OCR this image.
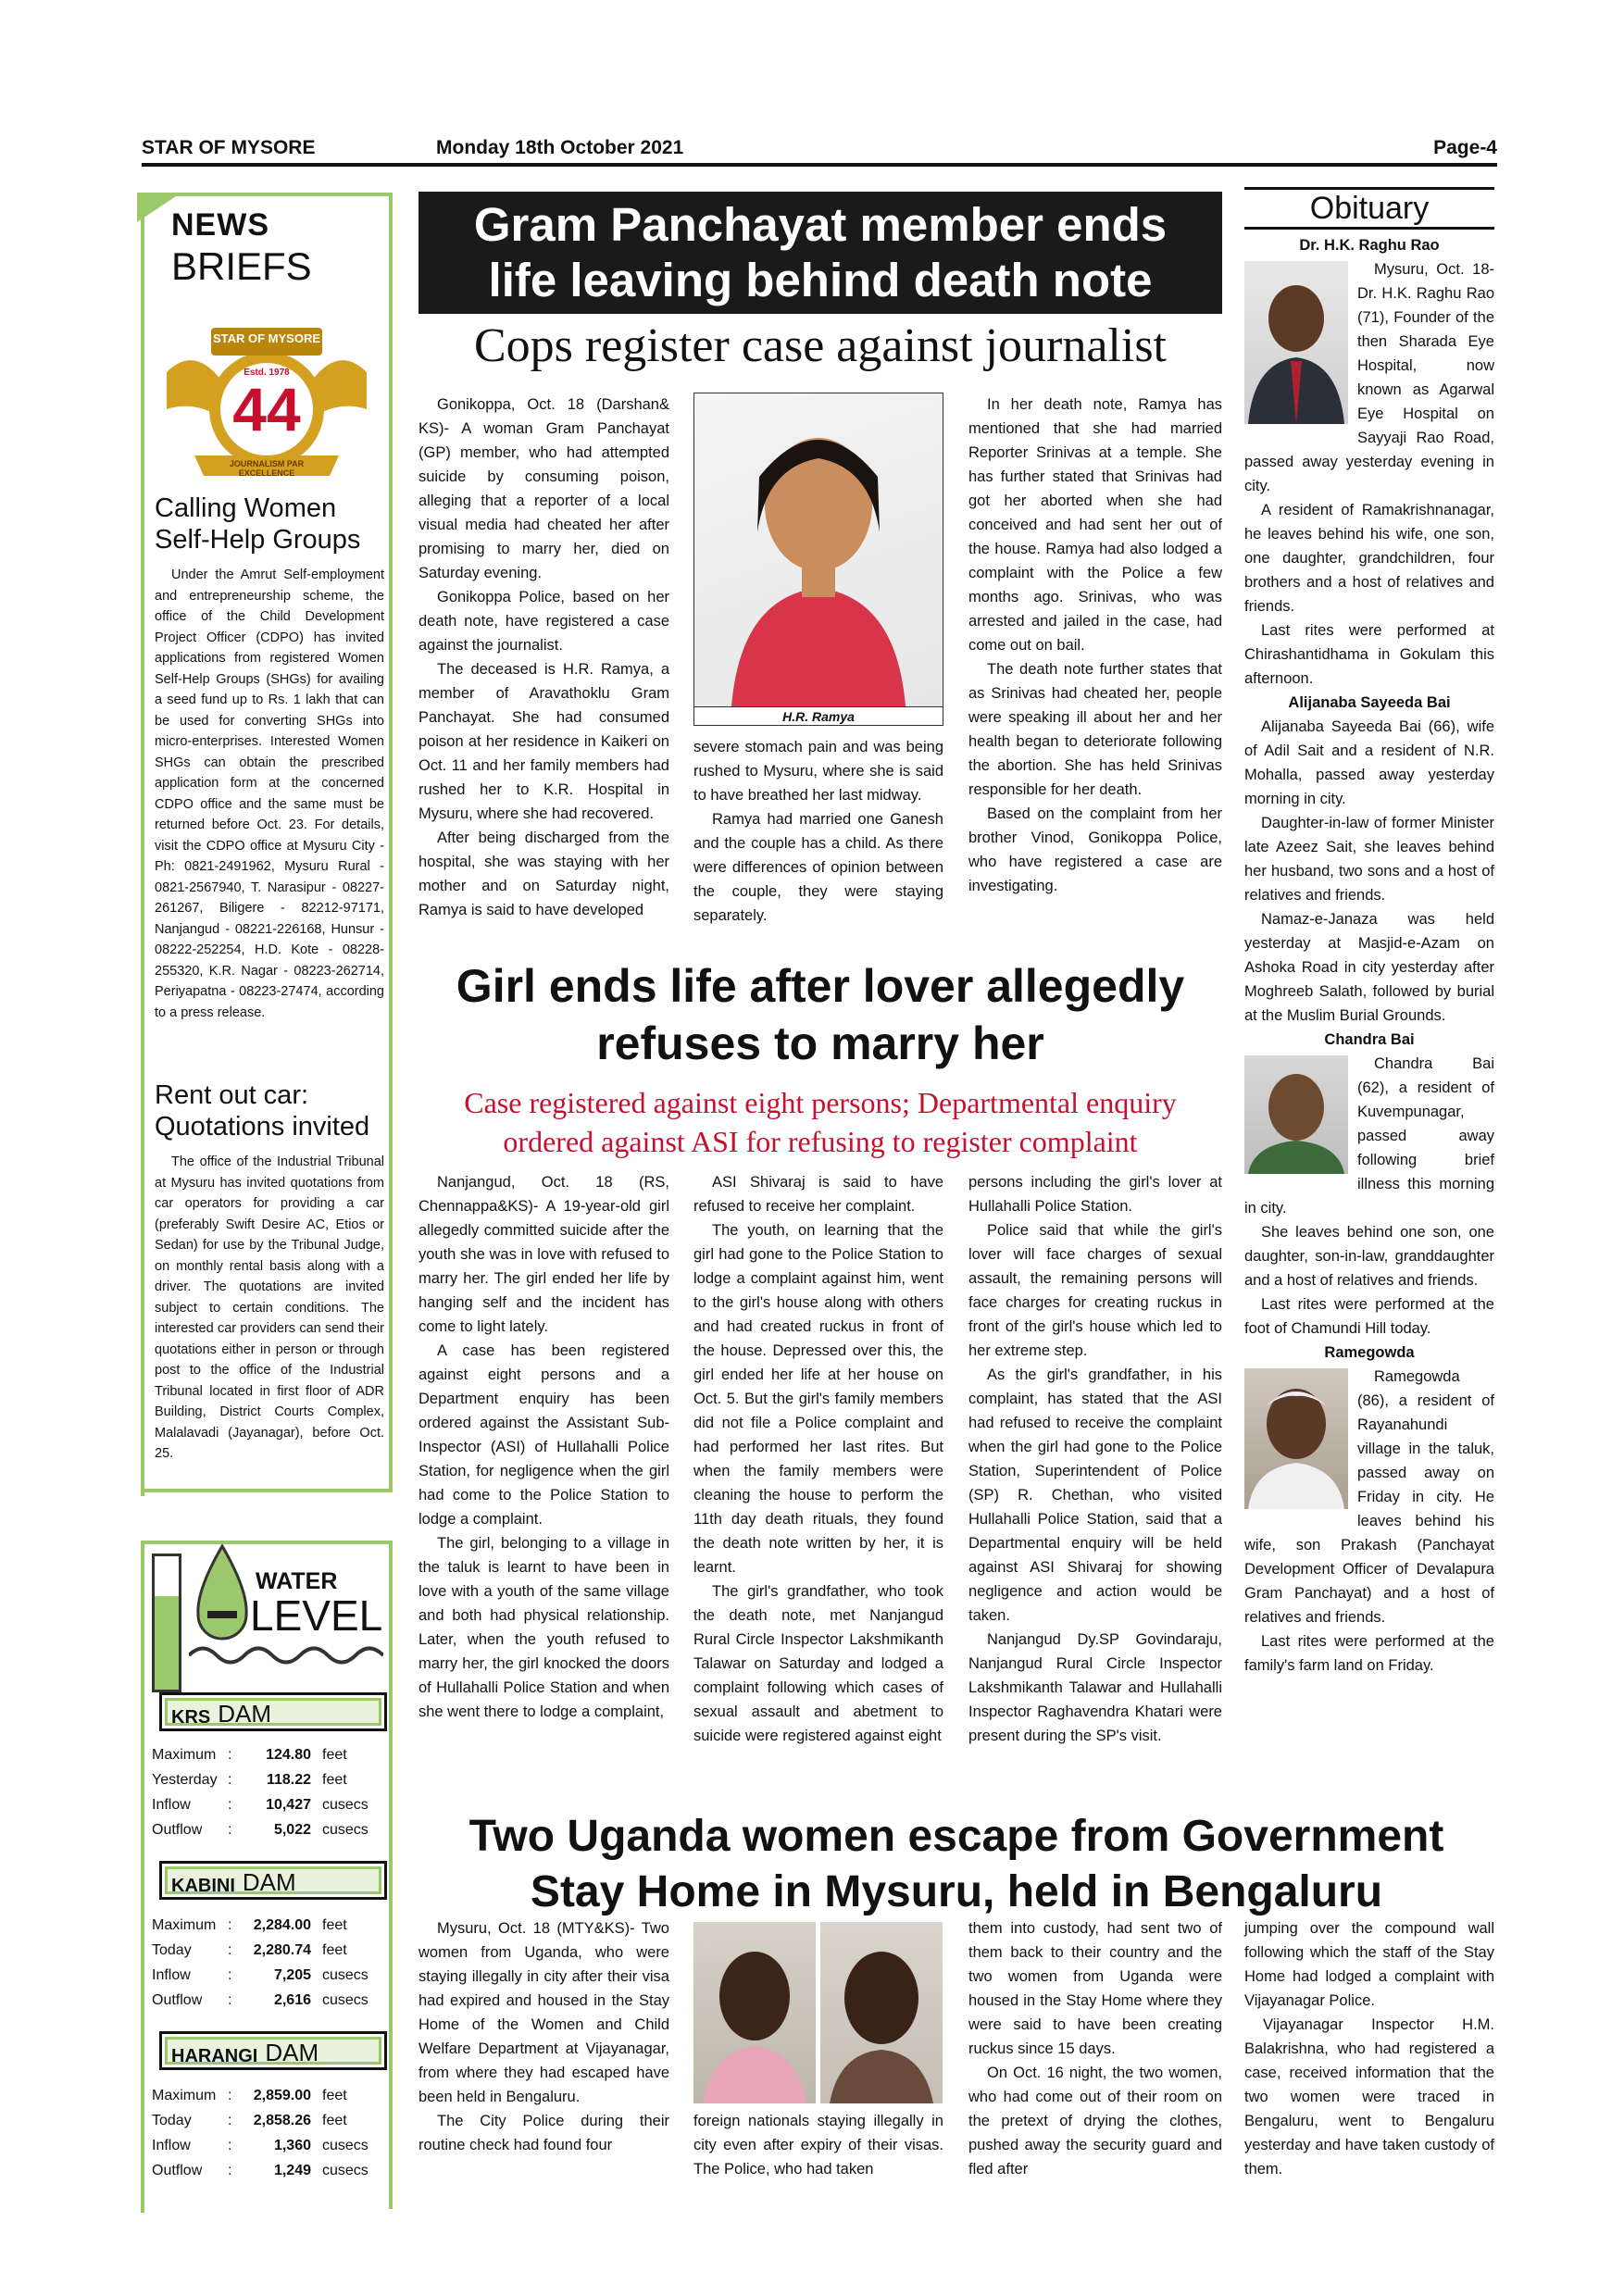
STAR OF MYSORE	Monday 18th October 2021	Page-4
NEWS
BRIEFS
STAR OF MYSORE
Estd. 1978
44
JOURNALISM PAR EXCELLENCE
Calling Women Self-Help Groups
Under the Amrut Self-employment and entrepreneurship scheme, the office of the Child Development Project Officer (CDPO) has invited applications from registered Women Self-Help Groups (SHGs) for availing a seed fund up to Rs. 1 lakh that can be used for converting SHGs into micro-enterprises. Interested Women SHGs can obtain the prescribed application form at the concerned CDPO office and the same must be returned before Oct. 23. For details, visit the CDPO office at Mysuru City - Ph: 0821-2491962, Mysuru Rural - 0821-2567940, T. Narasipur - 08227-261267, Biligere - 82212-97171, Nanjangud - 08221-226168, Hunsur - 08222-252254, H.D. Kote - 08228-255320, K.R. Nagar - 08223-262714, Periyapatna - 08223-27474, according to a press release.
Rent out car: Quotations invited
The office of the Industrial Tribunal at Mysuru has invited quotations from car operators for providing a car (preferably Swift Desire AC, Etios or Sedan) for use by the Tribunal Judge, on monthly rental basis along with a driver. The quotations are invited subject to certain conditions. The interested car providers can send their quotations either in person or through post to the office of the Industrial Tribunal located in first floor of ADR Building, District Courts Complex, Malalavadi (Jayanagar), before Oct. 25.
WATER
LEVEL
KRS DAM
Maximum :	124.80 feet
Yesterday :	118.22 feet
Inflow	:	10,427 cusecs
Outflow	:	5,022 cusecs
KABINI DAM
Maximum :	2,284.00 feet
Today	:	2,280.74 feet
Inflow	:	7,205 cusecs
Outflow	:	2,616 cusecs
HARANGI DAM
Maximum :	2,859.00 feet
Today	:	2,858.26 feet
Inflow	:	1,360 cusecs
Outflow	:	1,249 cusecs
Gram Panchayat member ends
life leaving behind death note
Cops register case against journalist

Gonikoppa, Oct. 18 (Darshan& KS)- A woman Gram Panchayat (GP) member, who had attempted suicide by consuming poison, alleging that a reporter of a local visual media had cheated her after promising to marry her, died on Saturday evening.

Gonikoppa Police, based on her death note, have registered a case against the journalist.

The deceased is H.R. Ramya, a member of Aravathoklu Gram Panchayat. She had consumed poison at her residence in Kaikeri on Oct. 11 and her family members had rushed her to K.R. Hospital in Mysuru, where she had recovered.

After being discharged from the hospital, she was staying with her mother and on Saturday night, Ramya is said to have developed

H.R. Ramya

severe stomach pain and was being rushed to Mysuru, where she is said to have breathed her last midway.

Ramya had married one Ganesh and the couple has a child. As there were differences of opinion between the couple, they were staying separately.

In her death note, Ramya has mentioned that she had married Reporter Srinivas at a temple. She has further stated that Srinivas had got her aborted when she had conceived and had sent her out of the house. Ramya had also lodged a complaint with the Police a few months ago. Srinivas, who was arrested and jailed in the case, had come out on bail.

The death note further states that as Srinivas had cheated her, people were speaking ill about her and her health began to deteriorate following the abortion. She has held Srinivas responsible for her death.

Based on the complaint from her brother Vinod, Gonikoppa Police, who have registered a case are investigating.

Girl ends life after lover allegedly
refuses to marry her
Case registered against eight persons; Departmental enquiry
ordered against ASI for refusing to register complaint

Nanjangud, Oct. 18 (RS, Chennappa&KS)- A 19-year-old girl allegedly committed suicide after the youth she was in love with refused to marry her. The girl ended her life by hanging self and the incident has come to light lately.

A case has been registered against eight persons and a Department enquiry has been ordered against the Assistant Sub-Inspector (ASI) of Hullahalli Police Station, for negligence when the girl had come to the Police Station to lodge a complaint.

The girl, belonging to a village in the taluk is learnt to have been in love with a youth of the same village and both had physical relationship. Later, when the youth refused to marry her, the girl knocked the doors of Hullahalli Police Station and when she went there to lodge a complaint,

ASI Shivaraj is said to have refused to receive her complaint.

The youth, on learning that the girl had gone to the Police Station to lodge a complaint against him, went to the girl's house along with others and had created ruckus in front of the house. Depressed over this, the girl ended her life at her house on Oct. 5. But the girl's family members did not file a Police complaint and had performed her last rites. But when the family members were cleaning the house to perform the 11th day death rituals, they found the death note written by her, it is learnt.

The girl's grandfather, who took the death note, met Nanjangud Rural Circle Inspector Lakshmikanth Talawar on Saturday and lodged a complaint following which cases of sexual assault and abetment to suicide were registered against eight

persons including the girl's lover at Hullahalli Police Station.

Police said that while the girl's lover will face charges of sexual assault, the remaining persons will face charges for creating ruckus in front of the girl's house which led to her extreme step.

As the girl's grandfather, in his complaint, has stated that the ASI had refused to receive the complaint when the girl had gone to the Police Station, Superintendent of Police (SP) R. Chethan, who visited Hullahalli Police Station, said that a Departmental enquiry will be held against ASI Shivaraj for showing negligence and action would be taken.

Nanjangud Dy.SP Govindaraju, Nanjangud Rural Circle Inspector Lakshmikanth Talawar and Hullahalli Inspector Raghavendra Khatari were present during the SP's visit.

Two Uganda women escape from Government
Stay Home in Mysuru, held in Bengaluru

Mysuru, Oct. 18 (MTY&KS)- Two women from Uganda, who were staying illegally in city after their visa had expired and housed in the Stay Home of the Women and Child Welfare Department at Vijayanagar, from where they had escaped have been held in Bengaluru.

The City Police during their routine check had found four

foreign nationals staying illegally in city even after expiry of their visas. The Police, who had taken

them into custody, had sent two of them back to their country and the two women from Uganda were housed in the Stay Home where they were said to have been creating ruckus since 15 days.

On Oct. 16 night, the two women, who had come out of their room on the pretext of drying the clothes, pushed away the security guard and fled after

jumping over the compound wall following which the staff of the Stay Home had lodged a complaint with Vijayanagar Police.

Vijayanagar Inspector H.M. Balakrishna, who had registered a case, received information that the two women were traced in Bengaluru, went to Bengaluru yesterday and have taken custody of them.

Obituary
Dr. H.K. Raghu Rao

Mysuru, Oct. 18- Dr. H.K. Raghu Rao (71), Founder of the then Sharada Eye Hospital, now known as Agarwal Eye Hospital on Sayyaji Rao Road, passed away yesterday evening in city.

A resident of Ramakrishnanagar, he leaves behind his wife, one son, one daughter, grandchildren, four brothers and a host of relatives and friends.

Last rites were performed at Chirashantidhama in Gokulam this afternoon.

Alijanaba Sayeeda Bai

Alijanaba Sayeeda Bai (66), wife of Adil Sait and a resident of N.R. Mohalla, passed away yesterday morning in city.

Daughter-in-law of former Minister late Azeez Sait, she leaves behind her husband, two sons and a host of relatives and friends.

Namaz-e-Janaza was held yesterday at Masjid-e-Azam on Ashoka Road in city yesterday after Moghreeb Salath, followed by burial at the Muslim Burial Grounds.

Chandra Bai

Chandra Bai (62), a resident of Kuvempunagar, passed away following brief illness this morning in city.

She leaves behind one son, one daughter, son-in-law, granddaughter and a host of relatives and friends.

Last rites were performed at the foot of Chamundi Hill today.

Ramegowda

Ramegowda (86), a resident of Rayanahundi village in the taluk, passed away on Friday in city. He leaves behind his wife, son Prakash (Panchayat Development Officer of Devalapura Gram Panchayat) and a host of relatives and friends.

Last rites were performed at the family's farm land on Friday.
